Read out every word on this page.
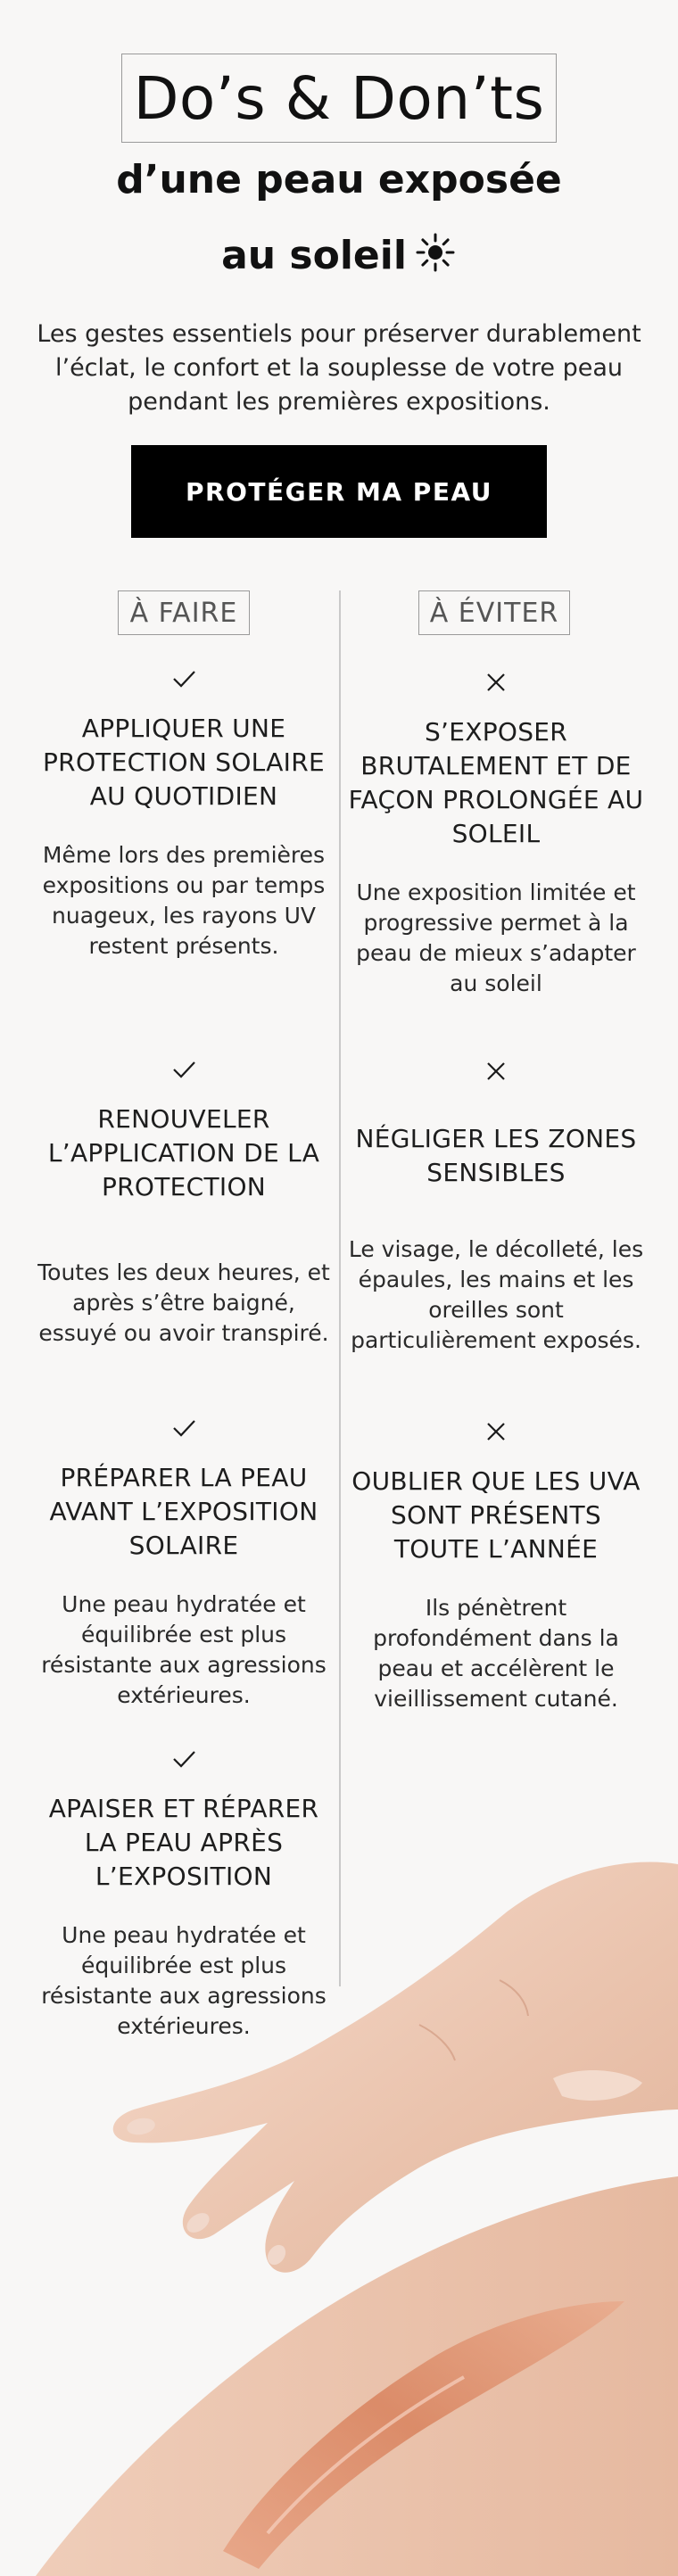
Do’s & Don’ts
d’une peau exposée
au soleil

Les gestes essentiels pour préserver durablement l’éclat, le confort et la souplesse de votre peau pendant les premières expositions.

PROTÉGER MA PEAU
À FAIRE	À ÉVITER
APPLIQUER UNE PROTECTION SOLAIRE AU QUOTIDIEN
Même lors des premières expositions ou par temps nuageux, les rayons UV restent présents.
RENOUVELER L’APPLICATION DE LA PROTECTION
Toutes les deux heures, et après s’être baigné, essuyé ou avoir transpiré.
PRÉPARER LA PEAU AVANT L’EXPOSITION SOLAIRE
Une peau hydratée et équilibrée est plus résistante aux agressions extérieures.
APAISER ET RÉPARER LA PEAU APRÈS L’EXPOSITION
Une peau hydratée et équilibrée est plus résistante aux agressions extérieures.
S’EXPOSER BRUTALEMENT ET DE FAÇON PROLONGÉE AU SOLEIL
Une exposition limitée et progressive permet à la peau de mieux s’adapter au soleil
NÉGLIGER LES ZONES SENSIBLES
Le visage, le décolleté, les épaules, les mains et les oreilles sont particulièrement exposés.
OUBLIER QUE LES UVA SONT PRÉSENTS TOUTE L’ANNÉE
Ils pénètrent profondément dans la peau et accélèrent le vieillissement cutané.
